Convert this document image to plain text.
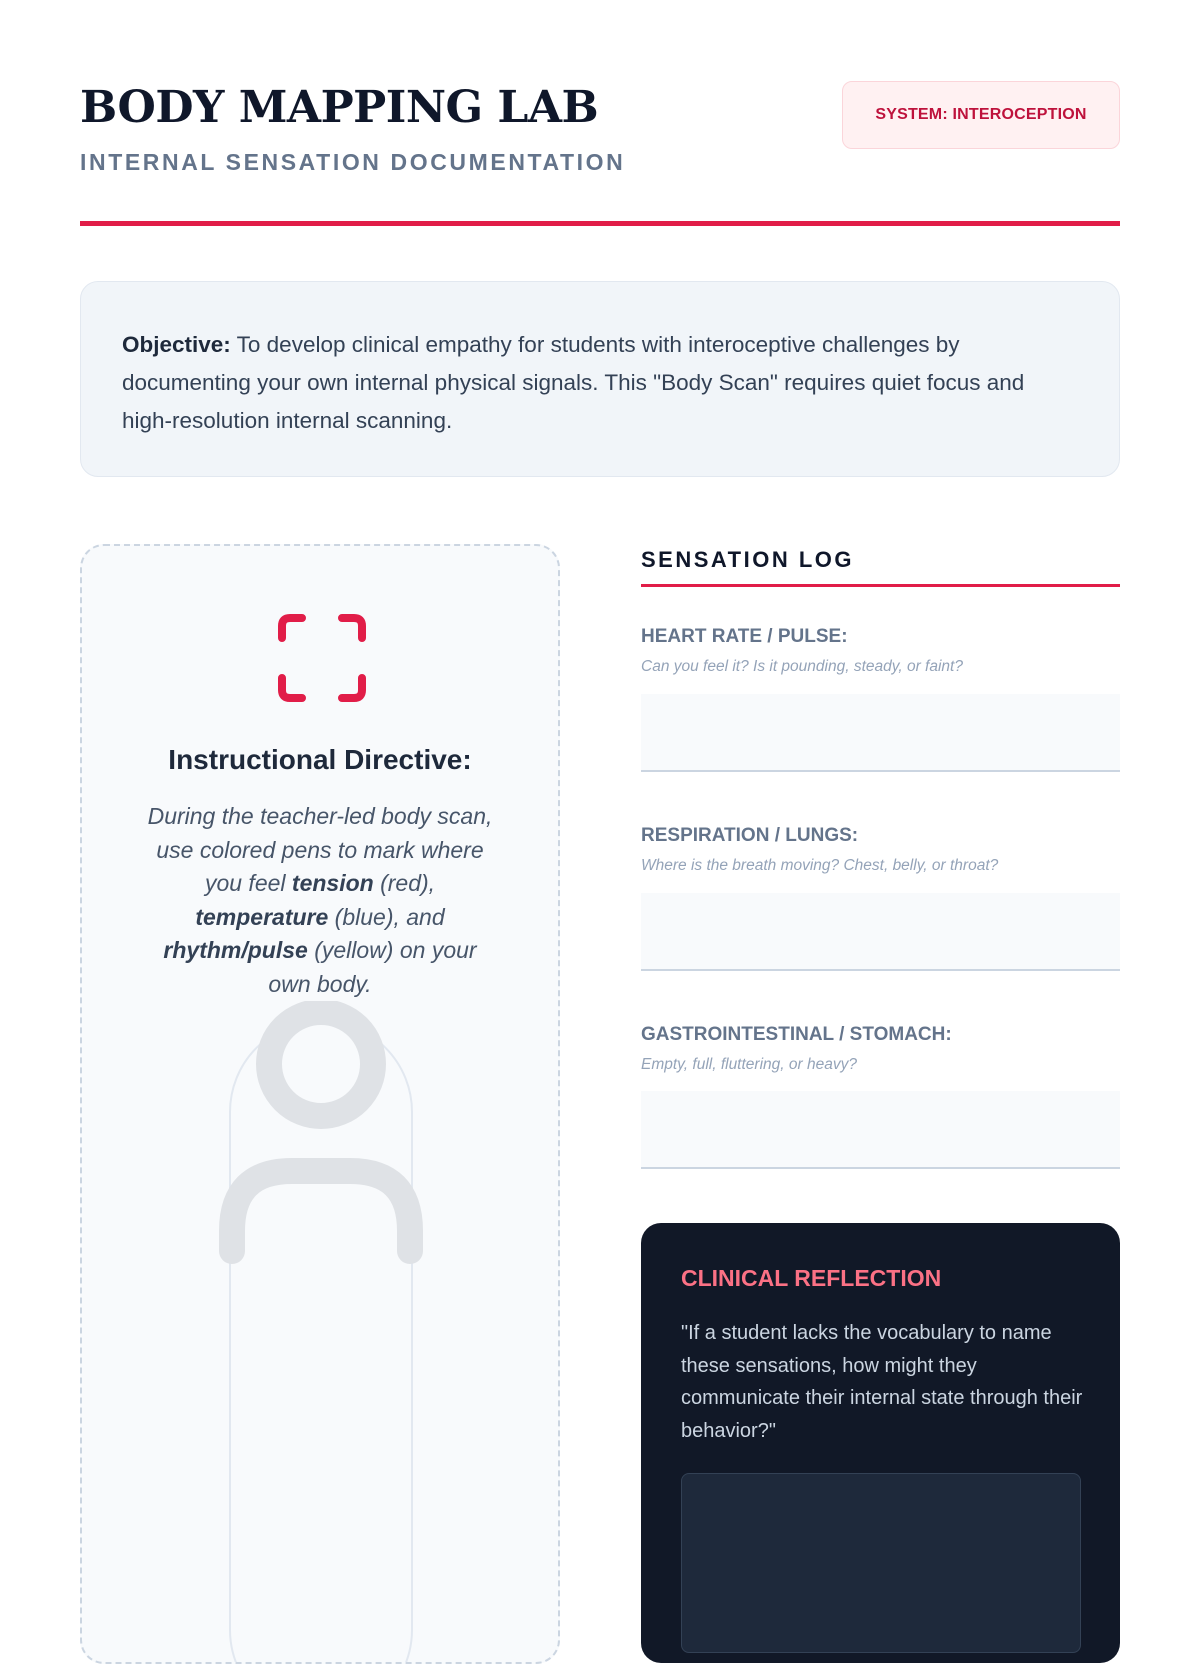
BODY MAPPING LAB
INTERNAL SENSATION DOCUMENTATION
SYSTEM: INTEROCEPTION

Objective: To develop clinical empathy for students with interoceptive challenges by documenting your own internal physical signals. This "Body Scan" requires quiet focus and high-resolution internal scanning.

Instructional Directive:

During the teacher-led body scan, use colored pens to mark where you feel tension (red), temperature (blue), and rhythm/pulse (yellow) on your own body.

SENSATION LOG
HEART RATE / PULSE:
Can you feel it? Is it pounding, steady, or faint?
RESPIRATION / LUNGS:
Where is the breath moving? Chest, belly, or throat?
GASTROINTESTINAL / STOMACH:
Empty, full, fluttering, or heavy?
CLINICAL REFLECTION

"If a student lacks the vocabulary to name these sensations, how might they communicate their internal state through their behavior?"
